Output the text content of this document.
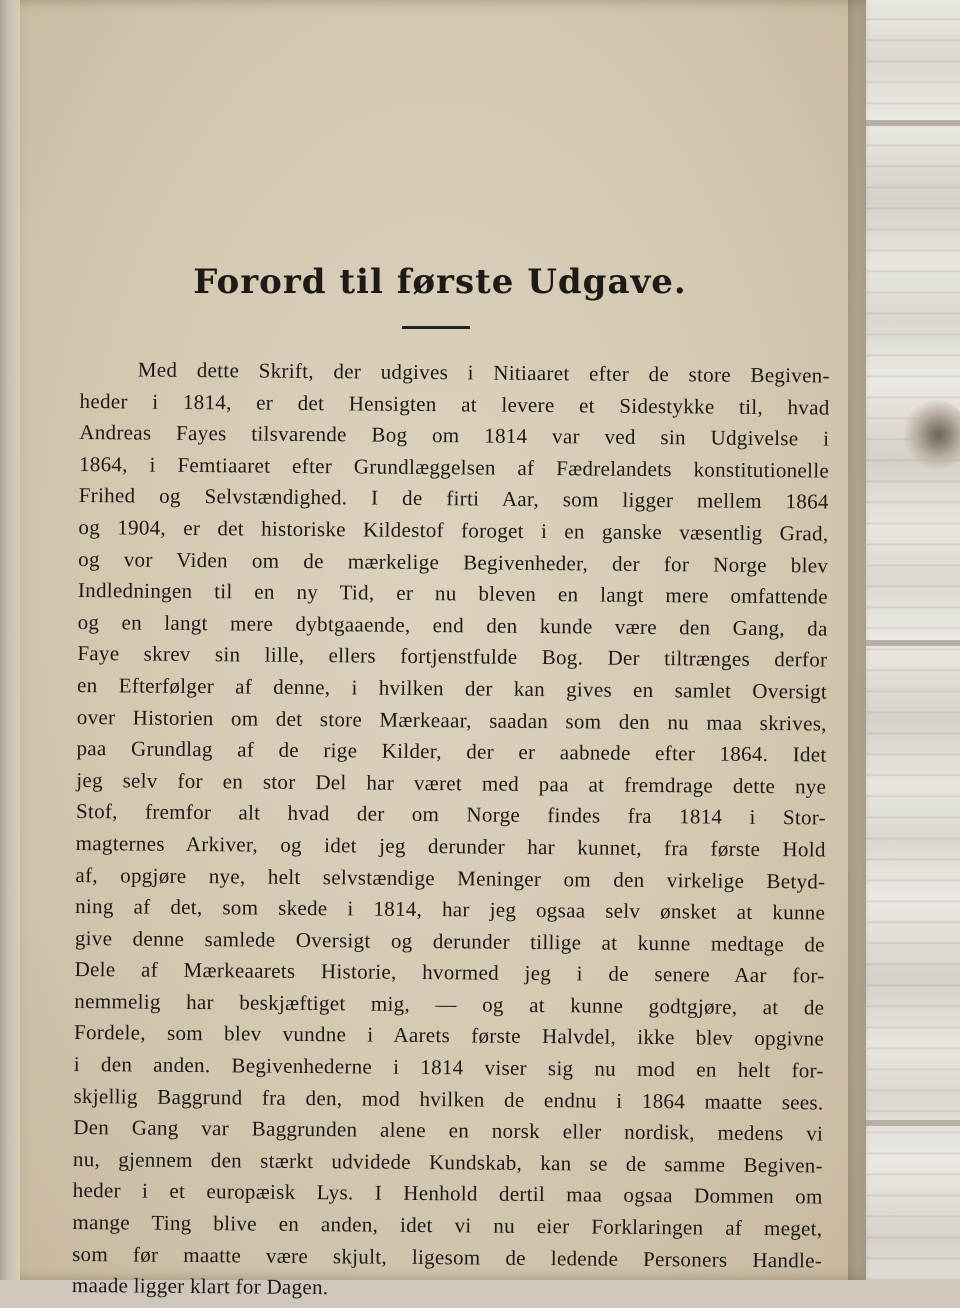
Forord til første Udgave.
Med dette Skrift, der udgives i Nitiaaret efter de store Begiven-
heder i 1814, er det Hensigten at levere et Sidestykke til, hvad
Andreas Fayes tilsvarende Bog om 1814 var ved sin Udgivelse i
1864, i Femtiaaret efter Grundlæggelsen af Fædrelandets konstitutionelle
Frihed og Selvstændighed. I de firti Aar, som ligger mellem 1864
og 1904, er det historiske Kildestof foroget i en ganske væsentlig Grad,
og vor Viden om de mærkelige Begivenheder, der for Norge blev
Indledningen til en ny Tid, er nu bleven en langt mere omfattende
og en langt mere dybtgaaende, end den kunde være den Gang, da
Faye skrev sin lille, ellers fortjenstfulde Bog. Der tiltrænges derfor
en Efterfølger af denne, i hvilken der kan gives en samlet Oversigt
over Historien om det store Mærkeaar, saadan som den nu maa skrives,
paa Grundlag af de rige Kilder, der er aabnede efter 1864. Idet
jeg selv for en stor Del har været med paa at fremdrage dette nye
Stof, fremfor alt hvad der om Norge findes fra 1814 i Stor-
magternes Arkiver, og idet jeg derunder har kunnet, fra første Hold
af, opgjøre nye, helt selvstændige Meninger om den virkelige Betyd-
ning af det, som skede i 1814, har jeg ogsaa selv ønsket at kunne
give denne samlede Oversigt og derunder tillige at kunne medtage de
Dele af Mærkeaarets Historie, hvormed jeg i de senere Aar for-
nemmelig har beskjæftiget mig, — og at kunne godtgjøre, at de
Fordele, som blev vundne i Aarets første Halvdel, ikke blev opgivne
i den anden. Begivenhederne i 1814 viser sig nu mod en helt for-
skjellig Baggrund fra den, mod hvilken de endnu i 1864 maatte sees.
Den Gang var Baggrunden alene en norsk eller nordisk, medens vi
nu, gjennem den stærkt udvidede Kundskab, kan se de samme Begiven-
heder i et europæisk Lys. I Henhold dertil maa ogsaa Dommen om
mange Ting blive en anden, idet vi nu eier Forklaringen af meget,
som før maatte være skjult, ligesom de ledende Personers Handle-
maade ligger klart for Dagen.
